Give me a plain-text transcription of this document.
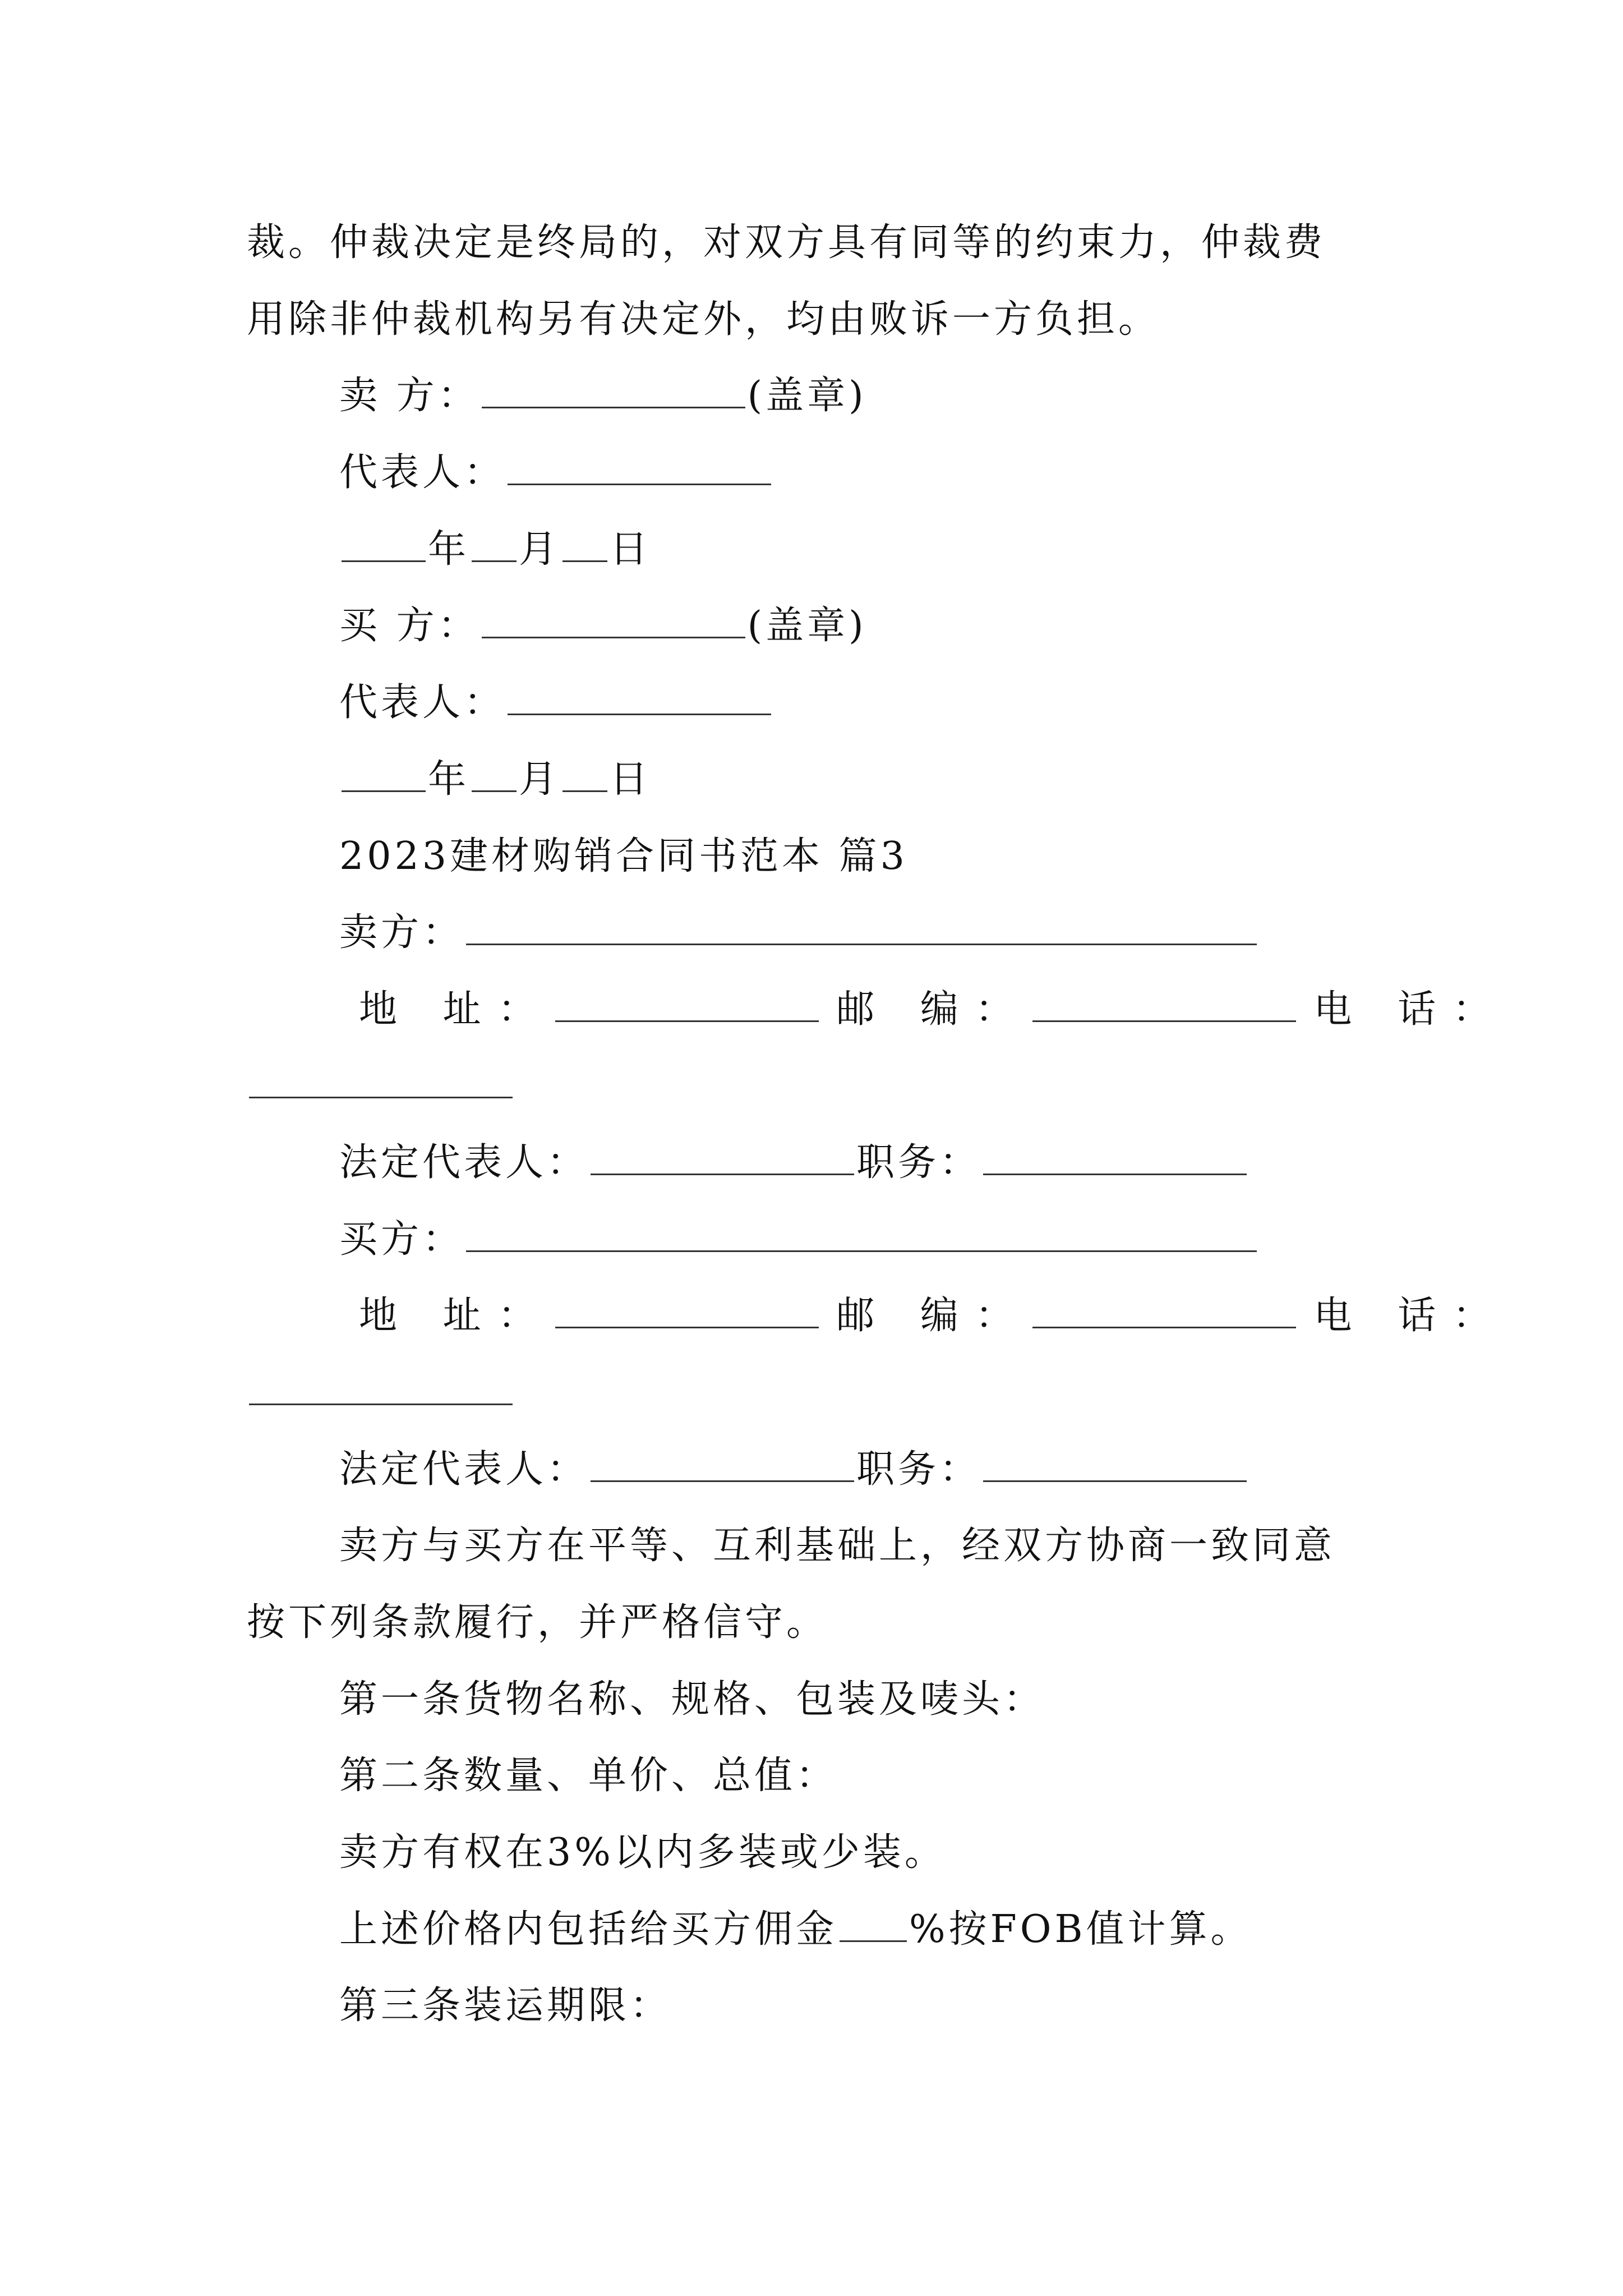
裁。仲裁决定是终局的，对双方具有同等的约束力，仲裁费
用除非仲裁机构另有决定外，均由败诉一方负担。
卖 方：	(盖章)
代表人：
年 月 日
买 方：	(盖章)
代表人：
年 月 日
2023建材购销合同书范本 篇3
卖方：
地 址：	邮 编：	电 话：
法定代表人：	职务：
买方：
地 址：	邮 编：	电 话：
法定代表人：	职务：
卖方与买方在平等、互利基础上，经双方协商一致同意
按下列条款履行，并严格信守。
第一条货物名称、规格、包装及唛头：
第二条数量、单价、总值：
卖方有权在3%以内多装或少装。
上述价格内包括给买方佣金 %按FOB值计算。
第三条装运期限：
